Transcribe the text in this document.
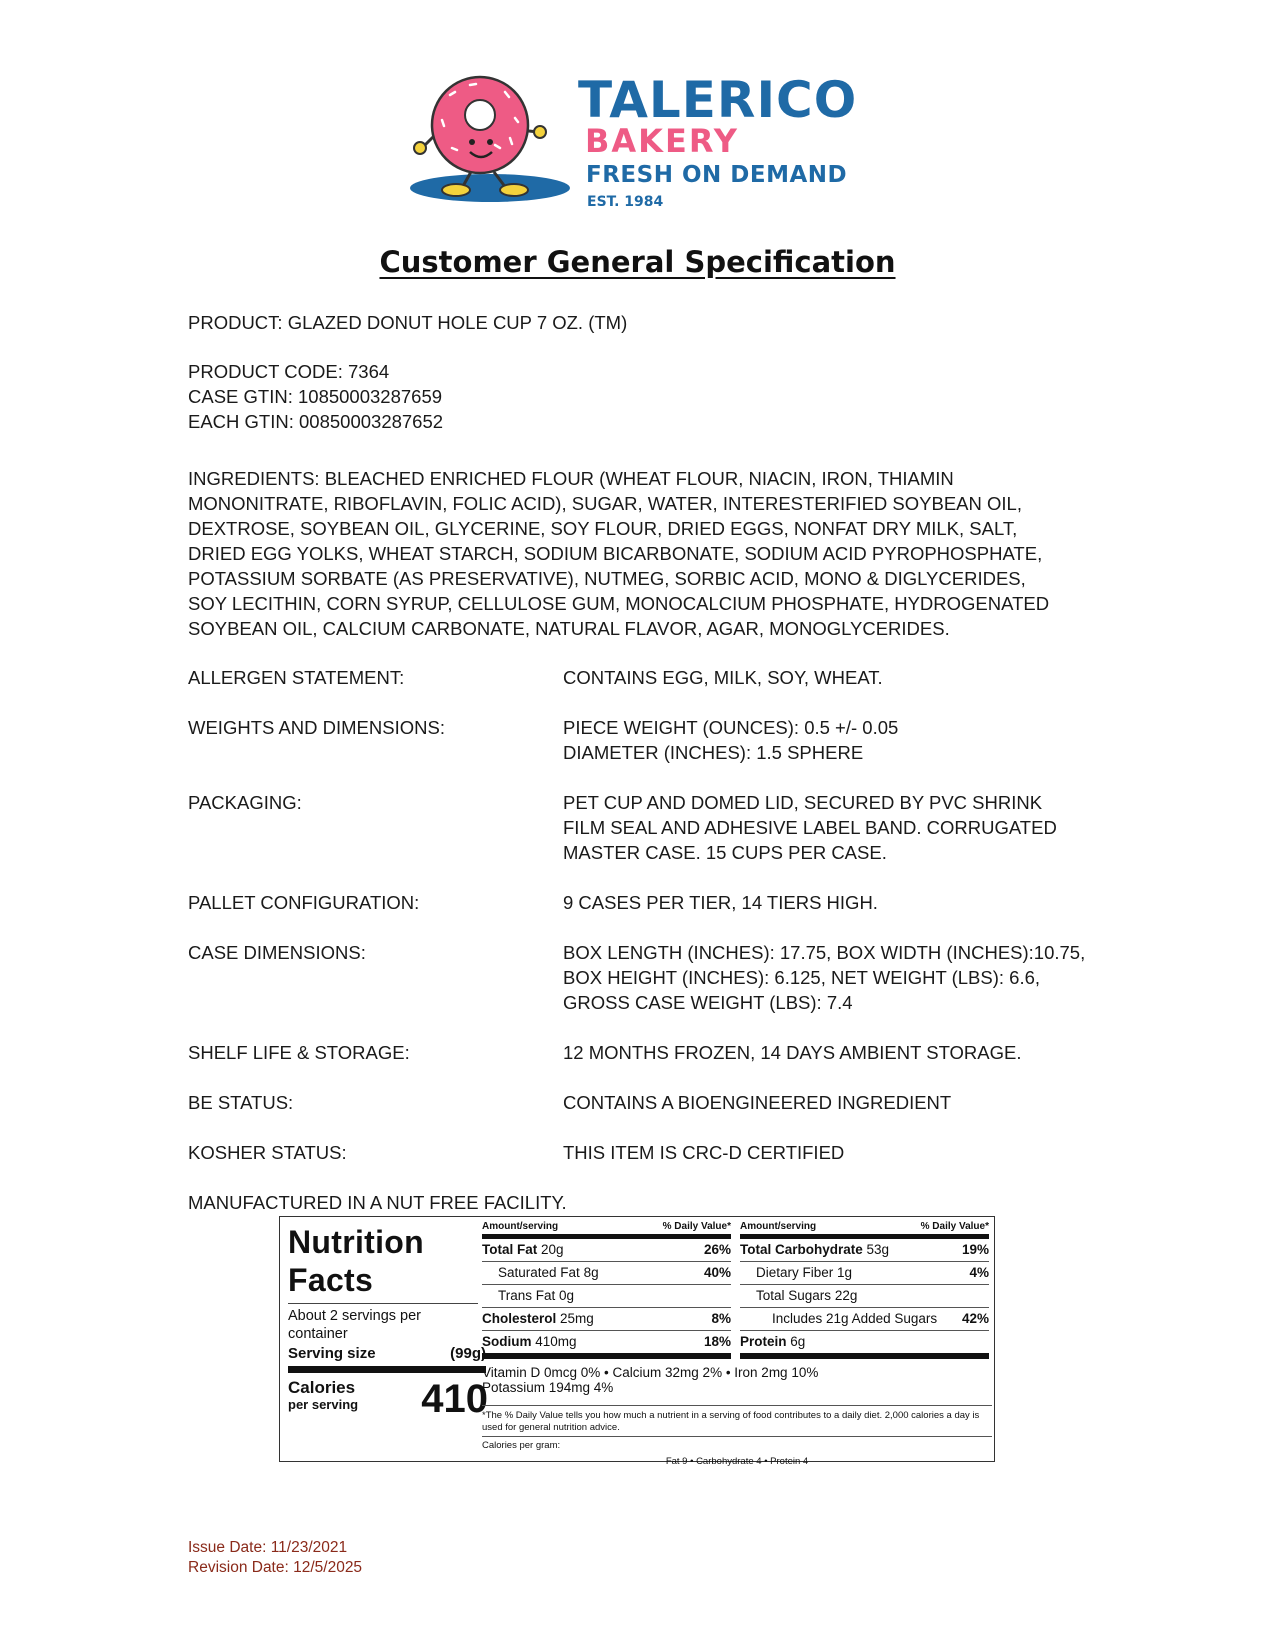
TALERICO
BAKERY
FRESH ON DEMAND
EST. 1984
Customer General Specification
PRODUCT: GLAZED DONUT HOLE CUP 7 OZ. (TM)
PRODUCT CODE: 7364
CASE GTIN: 10850003287659
EACH GTIN: 00850003287652
INGREDIENTS: BLEACHED ENRICHED FLOUR (WHEAT FLOUR, NIACIN, IRON, THIAMIN
MONONITRATE, RIBOFLAVIN, FOLIC ACID), SUGAR, WATER, INTERESTERIFIED SOYBEAN OIL,
DEXTROSE, SOYBEAN OIL, GLYCERINE, SOY FLOUR, DRIED EGGS, NONFAT DRY MILK, SALT,
DRIED EGG YOLKS, WHEAT STARCH, SODIUM BICARBONATE, SODIUM ACID PYROPHOSPHATE,
POTASSIUM SORBATE (AS PRESERVATIVE), NUTMEG, SORBIC ACID, MONO & DIGLYCERIDES,
SOY LECITHIN, CORN SYRUP, CELLULOSE GUM, MONOCALCIUM PHOSPHATE, HYDROGENATED
SOYBEAN OIL, CALCIUM CARBONATE, NATURAL FLAVOR, AGAR, MONOGLYCERIDES.
ALLERGEN STATEMENT:	CONTAINS EGG, MILK, SOY, WHEAT.
WEIGHTS AND DIMENSIONS:	PIECE WEIGHT (OUNCES): 0.5 +/- 0.05
DIAMETER (INCHES): 1.5 SPHERE
PACKAGING:	PET CUP AND DOMED LID, SECURED BY PVC SHRINK
FILM SEAL AND ADHESIVE LABEL BAND. CORRUGATED
MASTER CASE. 15 CUPS PER CASE.
PALLET CONFIGURATION:	9 CASES PER TIER, 14 TIERS HIGH.
CASE DIMENSIONS:	BOX LENGTH (INCHES): 17.75, BOX WIDTH (INCHES):10.75,
BOX HEIGHT (INCHES): 6.125, NET WEIGHT (LBS): 6.6,
GROSS CASE WEIGHT (LBS): 7.4
SHELF LIFE & STORAGE:	12 MONTHS FROZEN, 14 DAYS AMBIENT STORAGE.
BE STATUS:	CONTAINS A BIOENGINEERED INGREDIENT
KOSHER STATUS:	THIS ITEM IS CRC-D CERTIFIED
MANUFACTURED IN A NUT FREE FACILITY.
Nutrition
Facts
About 2 servings per container
Serving size	(99g)
Calories
per serving	410
Amount/serving	% Daily Value*
Total Fat 20g	26%
Saturated Fat 8g	40%
Trans Fat 0g
Cholesterol 25mg	8%
Sodium 410mg	18%
Amount/serving	% Daily Value*
Total Carbohydrate 53g	19%
Dietary Fiber 1g	4%
Total Sugars 22g
Includes 21g Added Sugars 42%
Protein 6g
Vitamin D 0mcg 0% • Calcium 32mg 2% • Iron 2mg 10%
Potassium 194mg 4%
*The % Daily Value tells you how much a nutrient in a serving of food contributes to a daily diet. 2,000 calories a day is used for general nutrition advice.
Calories per gram:
Fat 9 • Carbohydrate 4 • Protein 4
Issue Date: 11/23/2021
Revision Date: 12/5/2025
